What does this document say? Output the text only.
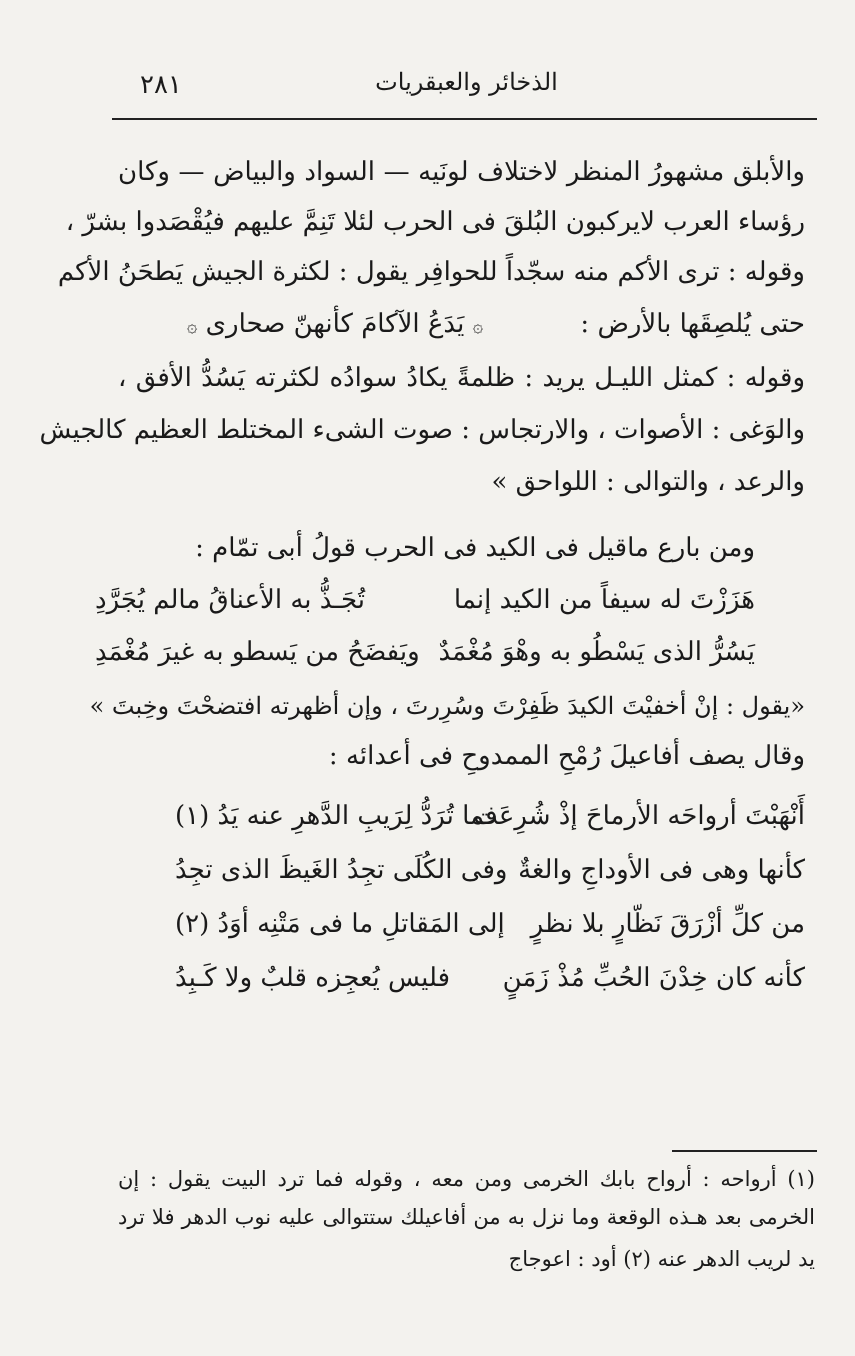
الذخائر والعبقريات
٢٨١
والأبلق مشهورُ المنظر لاختلاف لونَيه — السواد والبياض — وكان
رؤساء العرب لايركبون البُلقَ فى الحرب لئلا تَنِمَّ عليهم فيُقْصَدوا بشرّ ،
وقوله : ترى الأكم منه سجّداً للحوافِر يقول : لكثرة الجيش يَطحَنُ الأكم
حتى يُلصِقَها بالأرض :
۞ يَدَعُ الآكامَ كأنهنّ صحارى ۞
وقوله : كمثل الليـل يريد : ظلمةً يكادُ سوادُه لكثرته يَسُدُّ الأفق ،
والوَغى : الأصوات ، والارتجاس : صوت الشىء المختلط العظيم كالجيش
والرعد ، والتوالى : اللواحق »
ومن بارع ماقيل فى الكيد فى الحرب قولُ أبى تمّام :
هَزَزْتَ له سيفاً من الكيد إنما
تُجَـذُّ به الأعناقُ مالم يُجَرَّدِ
يَسُرُّ الذى يَسْطُو به وهْوَ مُغْمَدٌ
ويَفضَحُ من يَسطو به غيرَ مُغْمَدِ
«يقول : إنْ أخفيْتَ الكيدَ ظَفِرْتَ وسُرِرتَ ، وإن أظهرته افتضحْتَ وخِبتَ »
وقال يصف أفاعيلَ رُمْحِ الممدوحِ فى أعدائه :
أَنْهَبْتَ أرواحَه الأرماحَ إذْ شُرِعَت
فما تُرَدُّ لِرَيبِ الدَّهرِ عنه يَدُ (١)
كأنها وهى فى الأوداجِ والغةٌ
وفى الكُلَى تجِدُ الغَيظَ الذى تجِدُ
من كلِّ أزْرَقَ نَظّارٍ بلا نظرٍ
إلى المَقاتلِ ما فى مَتْنِه أوَدُ (٢)
كأنه كان خِدْنَ الحُبِّ مُذْ زَمَنٍ
فليس يُعجِزه قلبٌ ولا كَـبِدُ
(١) أرواحه : أرواح بابك الخرمى ومن معه ، وقوله فما ترد البيت يقول : إن
الخرمى بعد هـذه الوقعة وما نزل به من أفاعيلك ستتوالى عليه نوب الدهر فلا ترد
يد لريب الدهر عنه (٢) أود : اعوجاج
